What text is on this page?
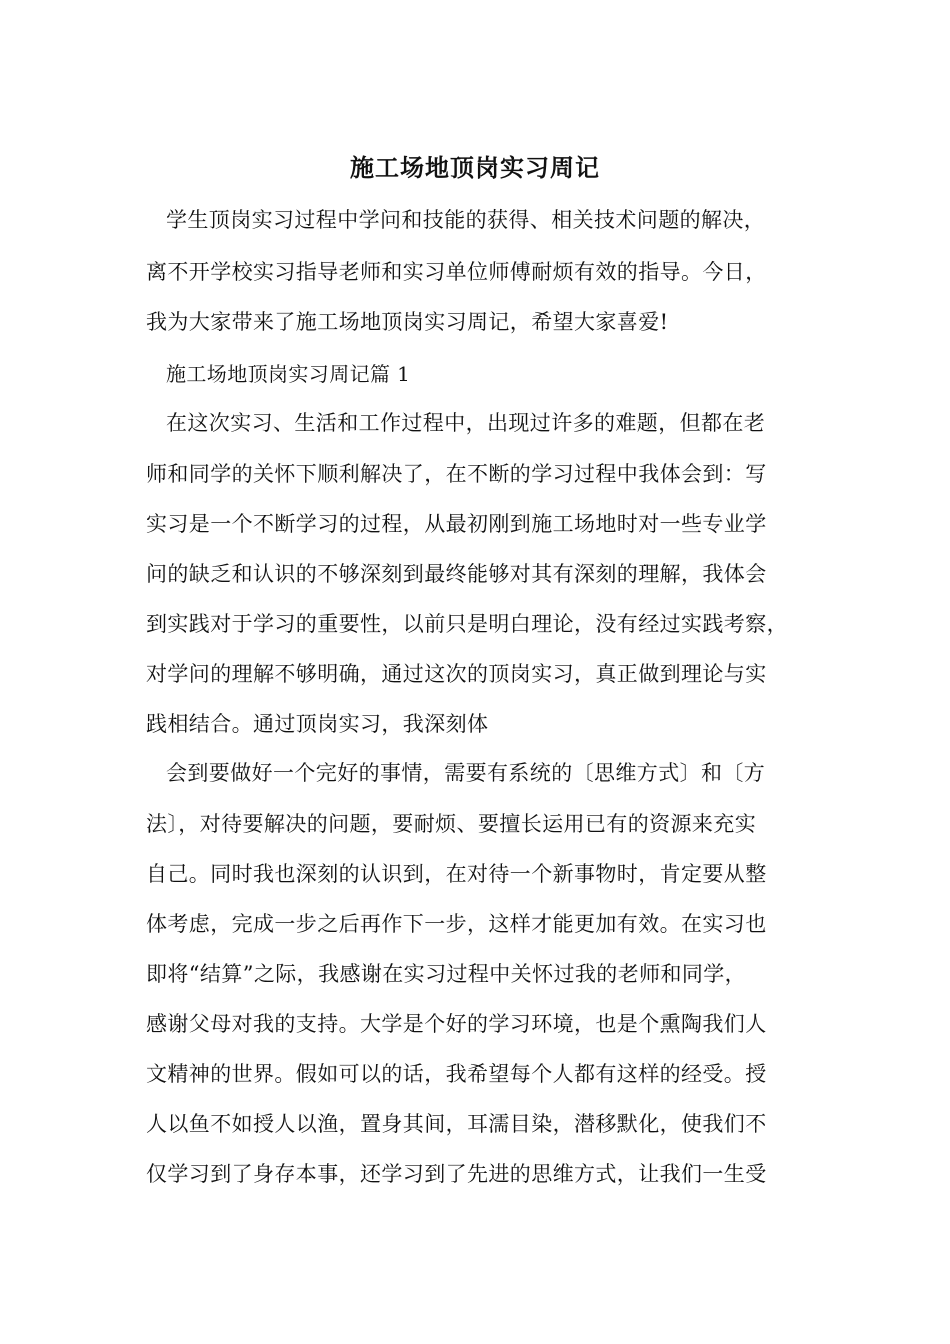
施工场地顶岗实习周记
学生顶岗实习过程中学问和技能的获得、相关技术问题的解决，
离不开学校实习指导老师和实习单位师傅耐烦有效的指导。今日，
我为大家带来了施工场地顶岗实习周记，希望大家喜爱!
施工场地顶岗实习周记篇 1
在这次实习、生活和工作过程中，出现过许多的难题，但都在老
师和同学的关怀下顺利解决了，在不断的学习过程中我体会到：写
实习是一个不断学习的过程，从最初刚到施工场地时对一些专业学
问的缺乏和认识的不够深刻到最终能够对其有深刻的理解，我体会
到实践对于学习的重要性，以前只是明白理论，没有经过实践考察，
对学问的理解不够明确，通过这次的顶岗实习，真正做到理论与实
践相结合。通过顶岗实习，我深刻体
会到要做好一个完好的事情，需要有系统的〔思维方式〕和〔方
法〕，对待要解决的问题，要耐烦、要擅长运用已有的资源来充实
自己。同时我也深刻的认识到，在对待一个新事物时，肯定要从整
体考虑，完成一步之后再作下一步，这样才能更加有效。在实习也
即将“结算”之际，我感谢在实习过程中关怀过我的老师和同学，
感谢父母对我的支持。大学是个好的学习环境，也是个熏陶我们人
文精神的世界。假如可以的话，我希望每个人都有这样的经受。授
人以鱼不如授人以渔，置身其间，耳濡目染，潜移默化，使我们不
仅学习到了身存本事，还学习到了先进的思维方式，让我们一生受
